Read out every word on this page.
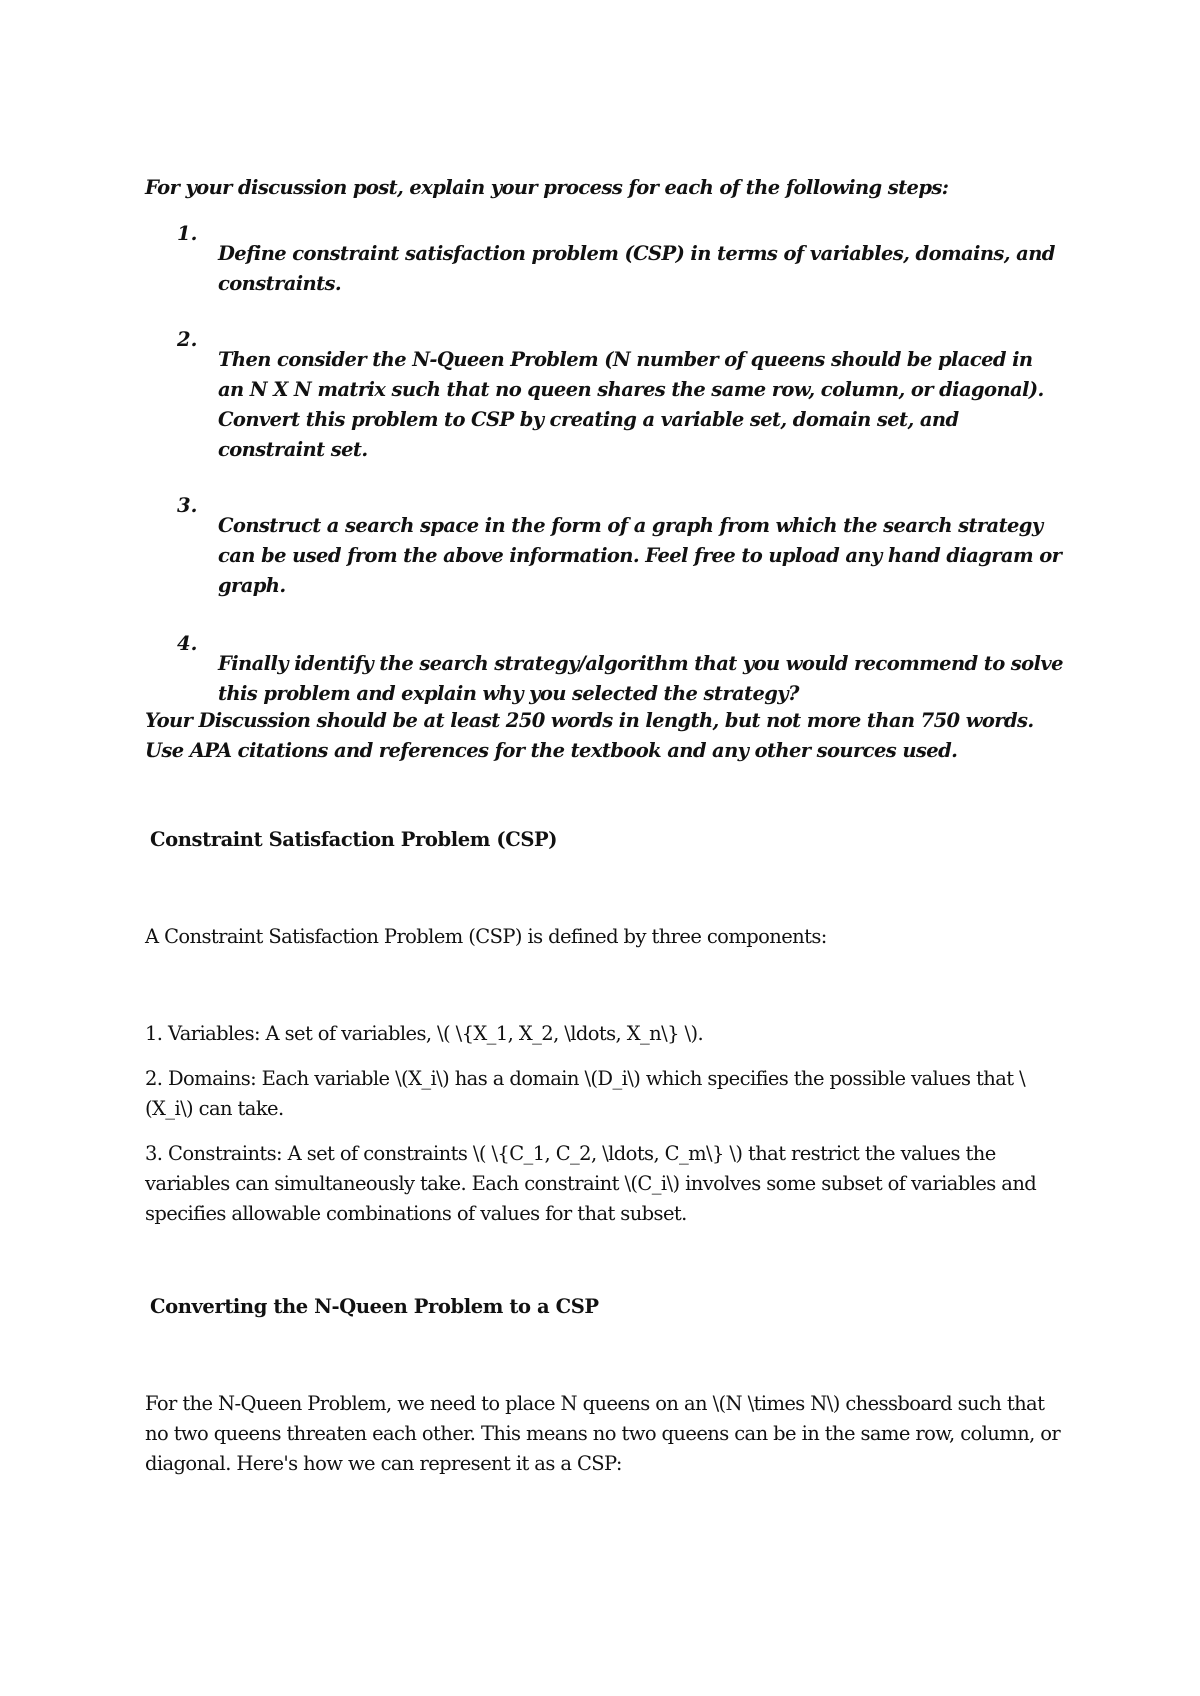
For your discussion post, explain your process for each of the following steps:

1.

Define constraint satisfaction problem (CSP) in terms of variables, domains, and constraints.

2.

Then consider the N-Queen Problem (N number of queens should be placed in an N X N matrix such that no queen shares the same row, column, or diagonal). Convert this problem to CSP by creating a variable set, domain set, and constraint set.

3.

Construct a search space in the form of a graph from which the search strategy can be used from the above information. Feel free to upload any hand diagram or graph.

4.

Finally identify the search strategy/algorithm that you would recommend to solve this problem and explain why you selected the strategy?

Your Discussion should be at least 250 words in length, but not more than 750 words. Use APA citations and references for the textbook and any other sources used.

Constraint Satisfaction Problem (CSP)

A Constraint Satisfaction Problem (CSP) is defined by three components:

1. Variables: A set of variables, \( \{X_1, X_2, \ldots, X_n\} \).

2. Domains: Each variable \(X_i\) has a domain \(D_i\) which specifies the possible values that \(X_i\) can take.

3. Constraints: A set of constraints \( \{C_1, C_2, \ldots, C_m\} \) that restrict the values the variables can simultaneously take. Each constraint \(C_i\) involves some subset of variables and specifies allowable combinations of values for that subset.

Converting the N-Queen Problem to a CSP

For the N-Queen Problem, we need to place N queens on an \(N \times N\) chessboard such that no two queens threaten each other. This means no two queens can be in the same row, column, or diagonal. Here's how we can represent it as a CSP:
